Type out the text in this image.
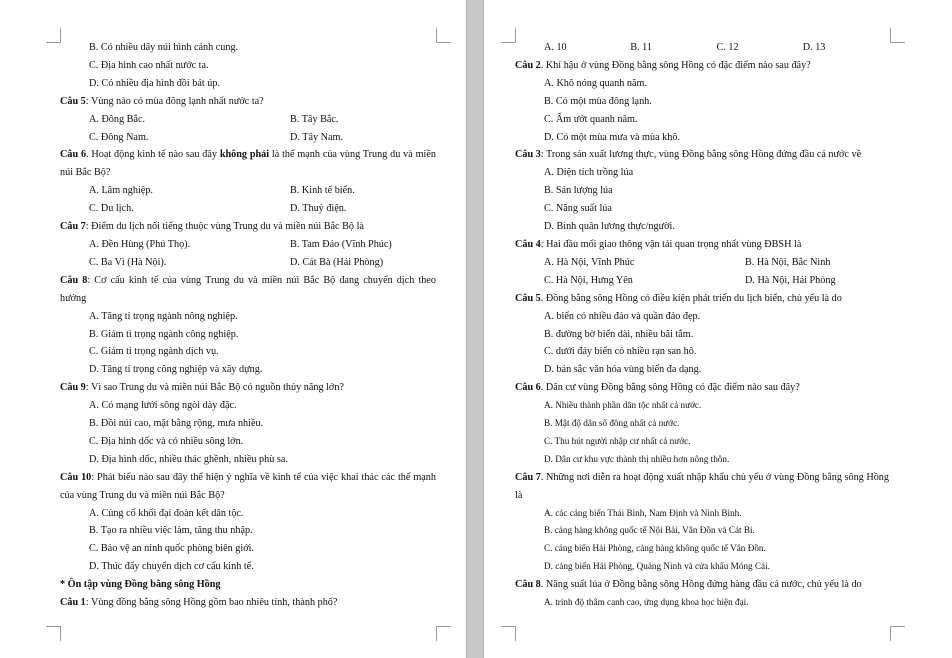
B. Có nhiều dãy núi hình cánh cung.
C. Địa hình cao nhất nước ta.
D. Có nhiều địa hình đồi bát úp.
Câu 5: Vùng nào có mùa đông lạnh nhất nước ta?
A. Đông Bắc.	B. Tây Bắc.
C. Đông Nam.	D. Tây Nam.
Câu 6. Hoạt động kinh tế nào sau đây không phải là thế mạnh của vùng Trung du và miền núi Bắc Bộ?
A. Lâm nghiệp.	B. Kinh tế biển.
C. Du lịch.	D. Thuỷ điện.
Câu 7: Điểm du lịch nổi tiếng thuộc vùng Trung du và miền núi Bắc Bộ là
A. Đền Hùng (Phú Thọ).	B. Tam Đảo (Vĩnh Phúc)
C. Ba Vì (Hà Nội).	D. Cát Bà (Hải Phòng)
Câu 8: Cơ cấu kinh tế của vùng Trung du và miền núi Bắc Bộ đang chuyển dịch theo hướng
A. Tăng tỉ trọng ngành nông nghiệp.
B. Giảm tỉ trọng ngành công nghiệp.
C. Giảm tỉ trọng ngành dịch vụ.
D. Tăng tỉ trọng công nghiệp và xây dựng.
Câu 9: Vì sao Trung du và miền núi Bắc Bộ có nguồn thủy năng lớn?
A. Có mạng lưới sông ngòi dày đặc.
B. Đồi núi cao, mặt bằng rộng, mưa nhiều.
C. Địa hình dốc và có nhiều sông lớn.
D. Địa hình dốc, nhiều thác ghềnh, nhiều phù sa.
Câu 10: Phát biểu nào sau đây thể hiện ý nghĩa về kinh tế của việc khai thác các thế mạnh của vùng Trung du và miền núi Bắc Bộ?
A. Củng cố khối đại đoàn kết dân tộc.
B. Tạo ra nhiều việc làm, tăng thu nhập.
C. Bảo vệ an ninh quốc phòng biên giới.
D. Thúc đẩy chuyển dịch cơ cấu kinh tế.
* Ôn tập vùng Đồng bằng sông Hồng
Câu 1: Vùng đồng bằng sông Hồng gồm bao nhiêu tỉnh, thành phố?
A. 10	B. 11	C. 12	D. 13
Câu 2. Khí hậu ở vùng Đồng bằng sông Hồng có đặc điểm nào sau đây?
A. Khô nóng quanh năm.
B. Có một mùa đông lạnh.
C. Ẩm ướt quanh năm.
D. Có một mùa mưa và mùa khô.
Câu 3: Trong sản xuất lương thực, vùng Đồng bằng sông Hồng đứng đầu cả nước về
A. Diện tích trồng lúa
B. Sản lượng lúa
C. Năng suất lúa
D. Bình quân lương thực/người.
Câu 4: Hai đầu mối giao thông vận tải quan trọng nhất vùng ĐBSH là
A. Hà Nội, Vĩnh Phúc	B. Hà Nội, Bắc Ninh
C. Hà Nội, Hưng Yên	D. Hà Nội, Hải Phòng
Câu 5. Đồng bằng sông Hồng có điều kiện phát triển du lịch biển, chủ yếu là do
A. biển có nhiều đảo và quần đảo đẹp.
B. đường bờ biển dài, nhiều bãi tắm.
C. dưới đáy biển có nhiều rạn san hô.
D. bản sắc văn hóa vùng biển đa dạng.
Câu 6. Dân cư vùng Đồng bằng sông Hồng có đặc điểm nào sau đây?
A. Nhiều thành phần dân tộc nhất cả nước.
B. Mật độ dân số đông nhất cả nước.
C. Thu hút người nhập cư nhất cả nước.
D. Dân cư khu vực thành thị nhiều hơn nông thôn.
Câu 7. Những nơi diễn ra hoạt động xuất nhập khẩu chủ yếu ở vùng Đồng bằng sông Hồng là
A. các cảng biển Thái Bình, Nam Định và Ninh Bình.
B. cảng hàng không quốc tế Nội Bài, Vân Đồn và Cát Bi.
C. cảng biển Hải Phòng, cảng hàng không quốc tế Vân Đồn.
D. cảng biển Hải Phòng, Quảng Ninh và cửa khẩu Móng Cái.
Câu 8. Năng suất lúa ở Đồng bằng sông Hồng đứng hàng đầu cả nước, chủ yếu là do
A. trình độ thâm canh cao, ứng dụng khoa học hiện đại.
